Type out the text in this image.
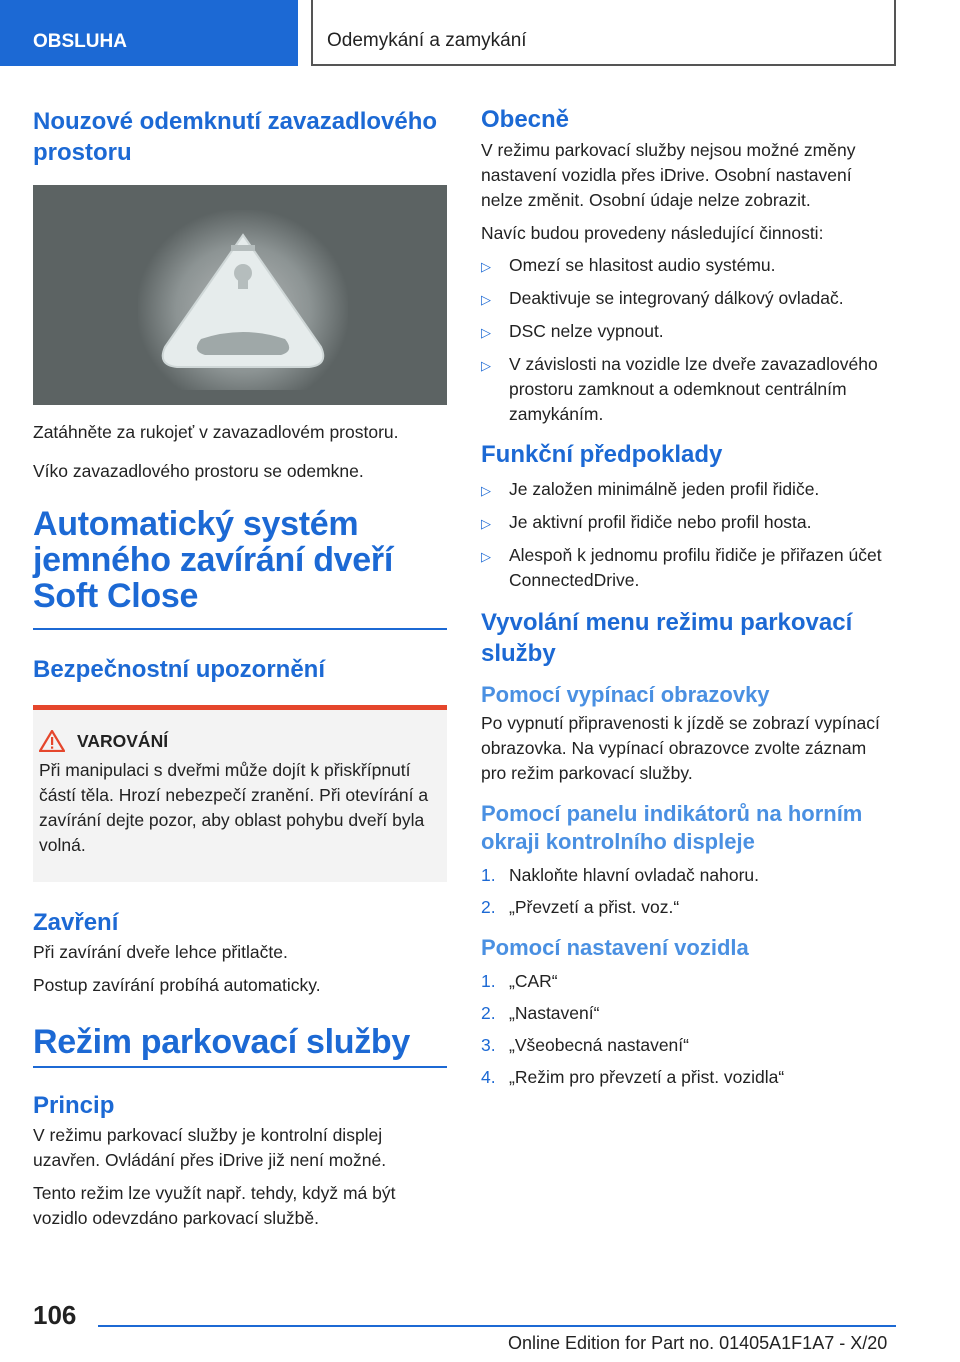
OBSLUHA	Odemykání a zamykání
Nouzové odemknutí zavazadlového prostoru

Zatáhněte za rukojeť v zavazadlovém prostoru.

Víko zavazadlového prostoru se odemkne.

Automatický systém jemného zavírání dveří Soft Close
Bezpečnostní upozornění
VAROVÁNÍ

Při manipulaci s dveřmi může dojít k přiskřípnutí částí těla. Hrozí nebezpečí zranění. Při otevírání a zavírání dejte pozor, aby oblast pohybu dveří byla volná.

Zavření

Při zavírání dveře lehce přitlačte.

Postup zavírání probíhá automaticky.

Režim parkovací služby
Princip

V režimu parkovací služby je kontrolní displej uzavřen. Ovládání přes iDrive již není možné.

Tento režim lze využít např. tehdy, když má být vozidlo odevzdáno parkovací službě.

Obecně

V režimu parkovací služby nejsou možné změny nastavení vozidla přes iDrive. Osobní nastavení nelze změnit. Osobní údaje nelze zobrazit.

Navíc budou provedeny následující činnosti:

▷	Omezí se hlasitost audio systému.
▷	Deaktivuje se integrovaný dálkový ovladač.
▷	DSC nelze vypnout.
▷	V závislosti na vozidle lze dveře zavazadlového prostoru zamknout a odemknout centrálním zamykáním.
Funkční předpoklady
▷	Je založen minimálně jeden profil řidiče.
▷	Je aktivní profil řidiče nebo profil hosta.
▷	Alespoň k jednomu profilu řidiče je přiřazen účet ConnectedDrive.
Vyvolání menu režimu parkovací služby
Pomocí vypínací obrazovky

Po vypnutí připravenosti k jízdě se zobrazí vypínací obrazovka. Na vypínací obrazovce zvolte záznam pro režim parkovací služby.

Pomocí panelu indikátorů na horním okraji kontrolního displeje
1. Nakloňte hlavní ovladač nahoru.
2. „Převzetí a přist. voz.“
Pomocí nastavení vozidla
1. „CAR“
2. „Nastavení“
3. „Všeobecná nastavení“
4. „Režim pro převzetí a přist. vozidla“
106
Online Edition for Part no. 01405A1F1A7 - X/20
